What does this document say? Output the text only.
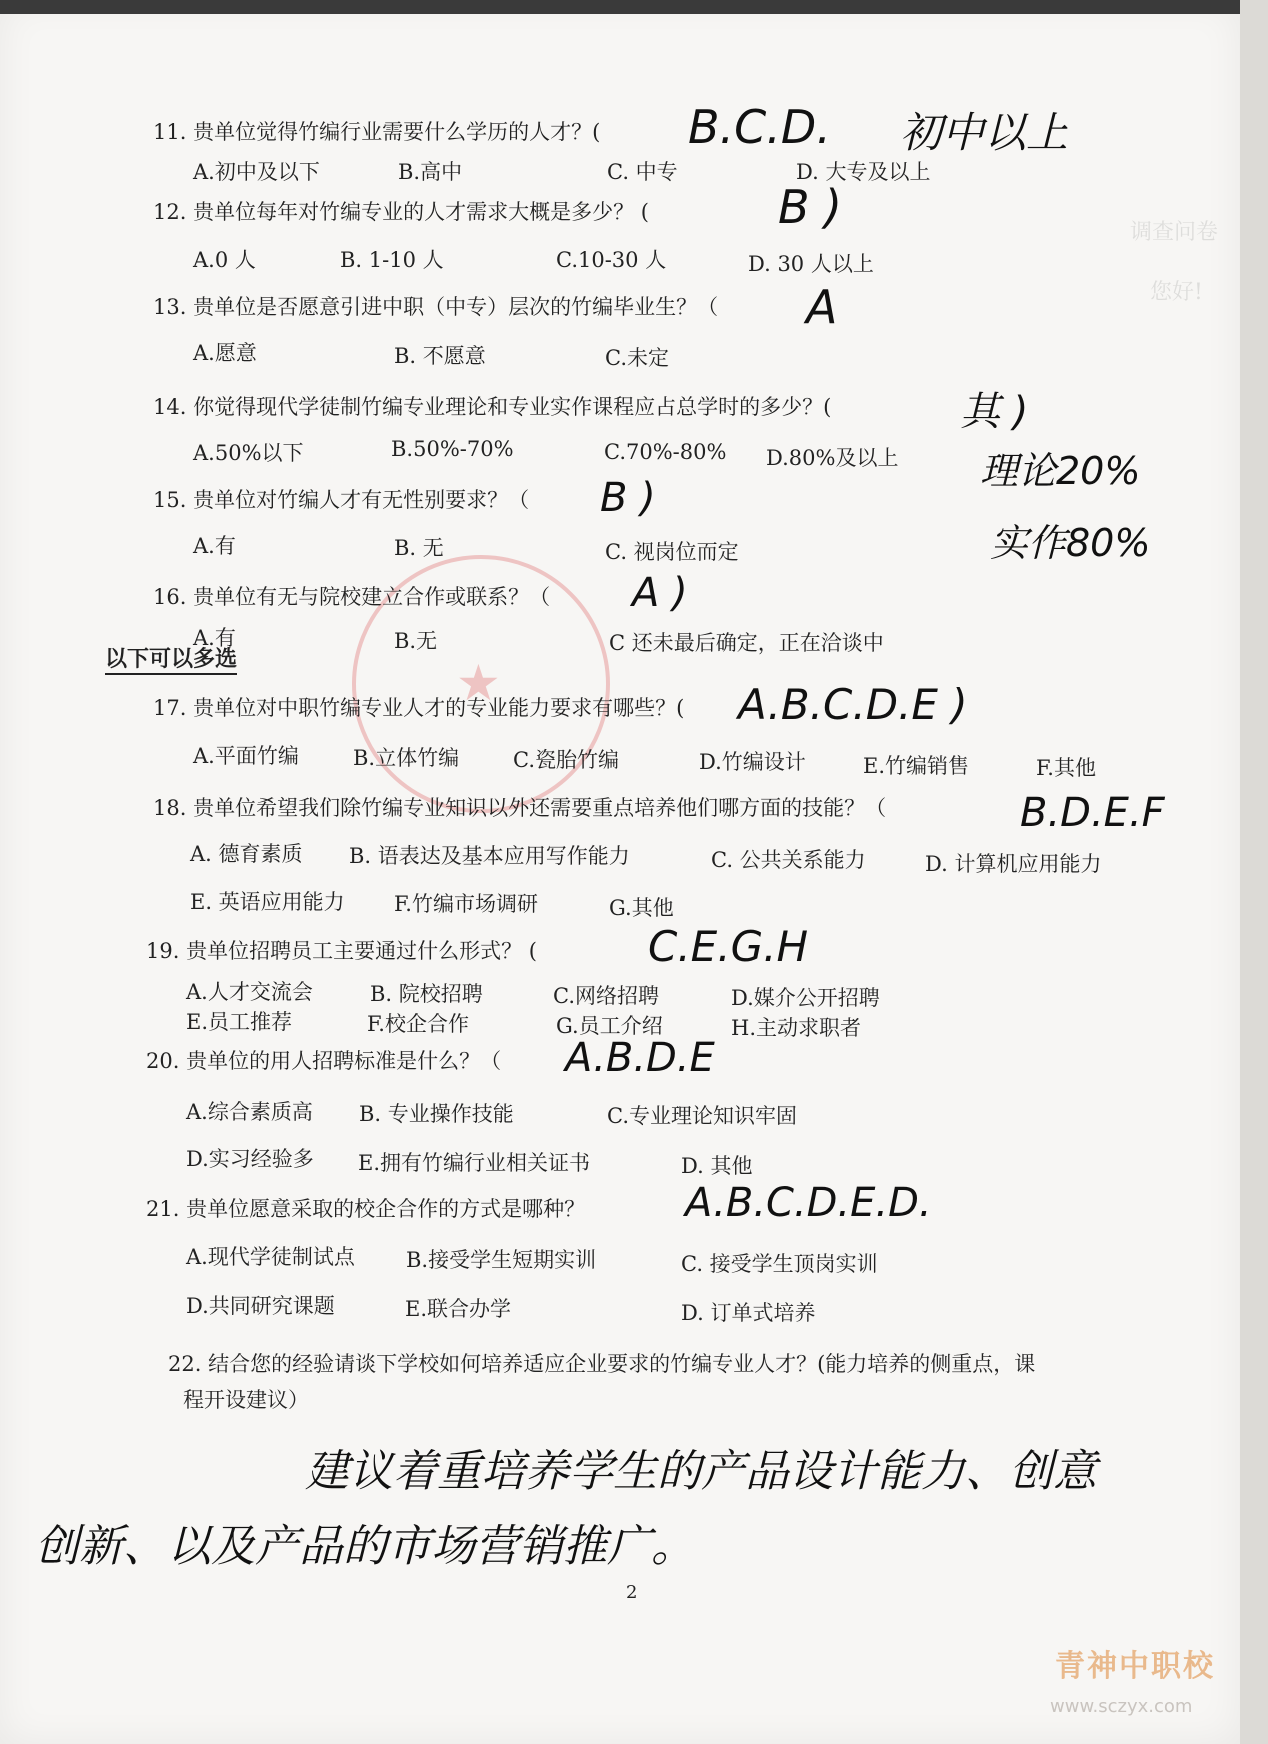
调查问卷
您好!
★
11. 贵单位觉得竹编行业需要什么学历的人才？( B.C.D. 初中以上
A.初中及以下	B.高中	C. 中专	D. 大专及以上
12. 贵单位每年对竹编专业的人才需求大概是多少？ (	B )
A.0 人	B. 1-10 人	C.10-30 人	D. 30 人以上
13. 贵单位是否愿意引进中职（中专）层次的竹编毕业生？（ A
A.愿意	B. 不愿意	C.未定
14. 你觉得现代学徒制竹编专业理论和专业实作课程应占总学时的多少？(	其 )
A.50%以下	B.50%-70%	C.70%-80% D.80%及以上 理论20%
实作80%
15. 贵单位对竹编人才有无性别要求？（ B )
A.有	B. 无	C. 视岗位而定
16. 贵单位有无与院校建立合作或联系？（ A )
A.有	B.无	C 还未最后确定，正在洽谈中
以下可以多选
17. 贵单位对中职竹编专业人才的专业能力要求有哪些？( A.B.C.D.E )
A.平面竹编	B.立体竹编	C.瓷胎竹编	D.竹编设计	E.竹编销售	F.其他
18. 贵单位希望我们除竹编专业知识以外还需要重点培养他们哪方面的技能？（	B.D.E.F
A. 德育素质 B. 语表达及基本应用写作能力	C. 公共关系能力	D. 计算机应用能力
E. 英语应用能力 F.竹编市场调研	G.其他
19. 贵单位招聘员工主要通过什么形式？ (	C.E.G.H
A.人才交流会	B. 院校招聘	C.网络招聘	D.媒介公开招聘
E.员工推荐	F.校企合作	G.员工介绍	H.主动求职者
20. 贵单位的用人招聘标准是什么？（ A.B.D.E
A.综合素质高 B. 专业操作技能	C.专业理论知识牢固
D.实习经验多 E.拥有竹编行业相关证书	D. 其他
21. 贵单位愿意采取的校企合作的方式是哪种？ A.B.C.D.E.D.
A.现代学徒制试点 B.接受学生短期实训	C. 接受学生顶岗实训
D.共同研究课题	E.联合办学	D. 订单式培养
22. 结合您的经验请谈下学校如何培养适应企业要求的竹编专业人才？(能力培养的侧重点，课
程开设建议）
建议着重培养学生的产品设计能力、创意
创新、以及产品的市场营销推广。
2
青神中职校
www.sczyx.com
